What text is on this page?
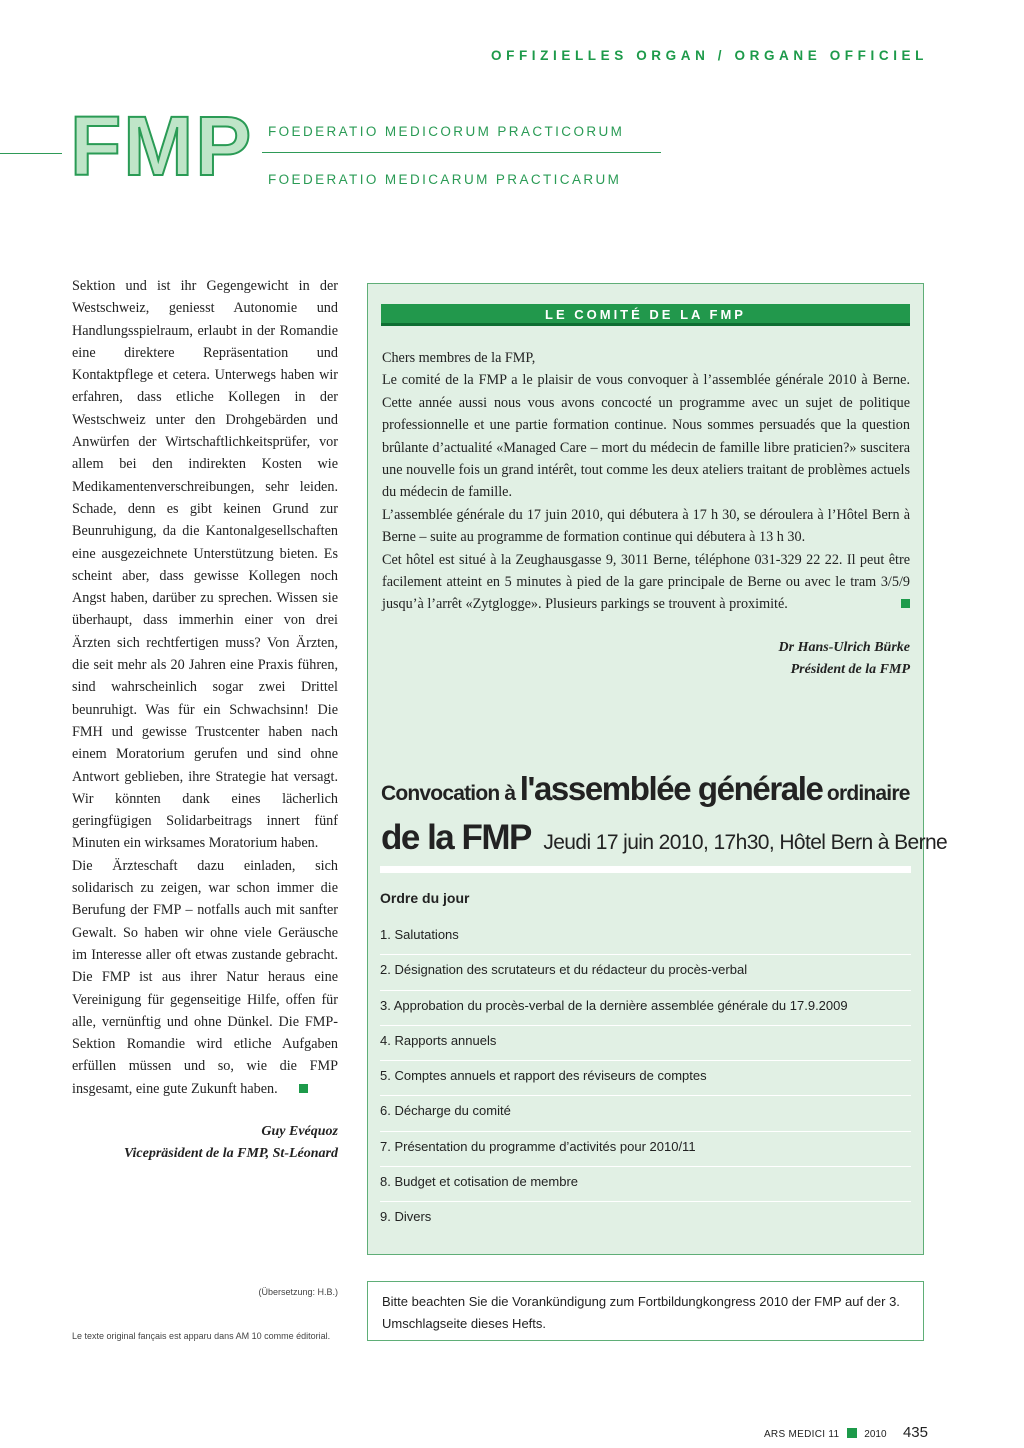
OFFIZIELLES ORGAN / ORGANE OFFICIEL
FMP FOEDERATIO MEDICORUM PRACTICORUM
FOEDERATIO MEDICARUM PRACTICARUM

Sektion und ist ihr Gegengewicht in der Westschweiz, geniesst Autonomie und Handlungsspielraum, erlaubt in der Romandie eine direktere Repräsentation und Kontaktpflege et cetera. Unterwegs haben wir erfahren, dass etliche Kollegen in der Westschweiz unter den Drohgebärden und Anwürfen der Wirtschaftlichkeitsprüfer, vor allem bei den indirekten Kosten wie Medikamentenverschreibungen, sehr leiden. Schade, denn es gibt keinen Grund zur Beunruhigung, da die Kantonalgesellschaften eine ausgezeichnete Unterstützung bieten. Es scheint aber, dass gewisse Kollegen noch Angst haben, darüber zu sprechen. Wissen sie überhaupt, dass immerhin einer von drei Ärzten sich rechtfertigen muss? Von Ärzten, die seit mehr als 20 Jahren eine Praxis führen, sind wahrscheinlich sogar zwei Drittel beunruhigt. Was für ein Schwachsinn! Die FMH und gewisse Trustcenter haben nach einem Moratorium gerufen und sind ohne Antwort geblieben, ihre Strategie hat versagt. Wir könnten dank eines lächerlich geringfügigen Solidarbeitrags innert fünf Minuten ein wirksames Moratorium haben.

Die Ärzteschaft dazu einladen, sich solidarisch zu zeigen, war schon immer die Berufung der FMP – notfalls auch mit sanfter Gewalt. So haben wir ohne viele Geräusche im Interesse aller oft etwas zustande gebracht. Die FMP ist aus ihrer Natur heraus eine Vereinigung für gegenseitige Hilfe, offen für alle, vernünftig und ohne Dünkel. Die FMP-Sektion Romandie wird etliche Aufgaben erfüllen müssen und so, wie die FMP insgesamt, eine gute Zukunft haben.

Guy Evéquoz
Vicepräsident de la FMP, St-Léonard
(Übersetzung: H.B.)
Le texte original fançais est apparu dans AM 10 comme éditorial.
LE COMITÉ DE LA FMP

Chers membres de la FMP,

Le comité de la FMP a le plaisir de vous convoquer à l’assemblée générale 2010 à Berne. Cette année aussi nous vous avons concocté un programme avec un sujet de politique professionnelle et une partie formation continue. Nous sommes persuadés que la question brûlante d’actualité «Managed Care – mort du médecin de famille libre praticien?» suscitera une nouvelle fois un grand intérêt, tout comme les deux ateliers traitant de problèmes actuels du médecin de famille.

L’assemblée générale du 17 juin 2010, qui débutera à 17 h 30, se déroulera à l’Hôtel Bern à Berne – suite au programme de formation continue qui débutera à 13 h 30.

Cet hôtel est situé à la Zeughausgasse 9, 3011 Berne, téléphone 031-329 22 22. Il peut être facilement atteint en 5 minutes à pied de la gare principale de Berne ou avec le tram 3/5/9 jusqu’à l’arrêt «Zytglogge». Plusieurs parkings se trouvent à proximité.

Dr Hans-Ulrich Bürke
Président de la FMP
Convocation à l'assemblée générale ordinaire
de la FMP Jeudi 17 juin 2010, 17h30, Hôtel Bern à Berne
Ordre du jour
1. Salutations
2. Désignation des scrutateurs et du rédacteur du procès-verbal
3. Approbation du procès-verbal de la dernière assemblée générale du 17.9.2009
4. Rapports annuels
5. Comptes annuels et rapport des réviseurs de comptes
6. Décharge du comité
7. Présentation du programme d’activités pour 2010/11
8. Budget et cotisation de membre
9. Divers
Bitte beachten Sie die Vorankündigung zum Fortbildungkongress 2010 der FMP auf der 3. Umschlagseite dieses Hefts.
ARS MEDICI 11 2010 435
